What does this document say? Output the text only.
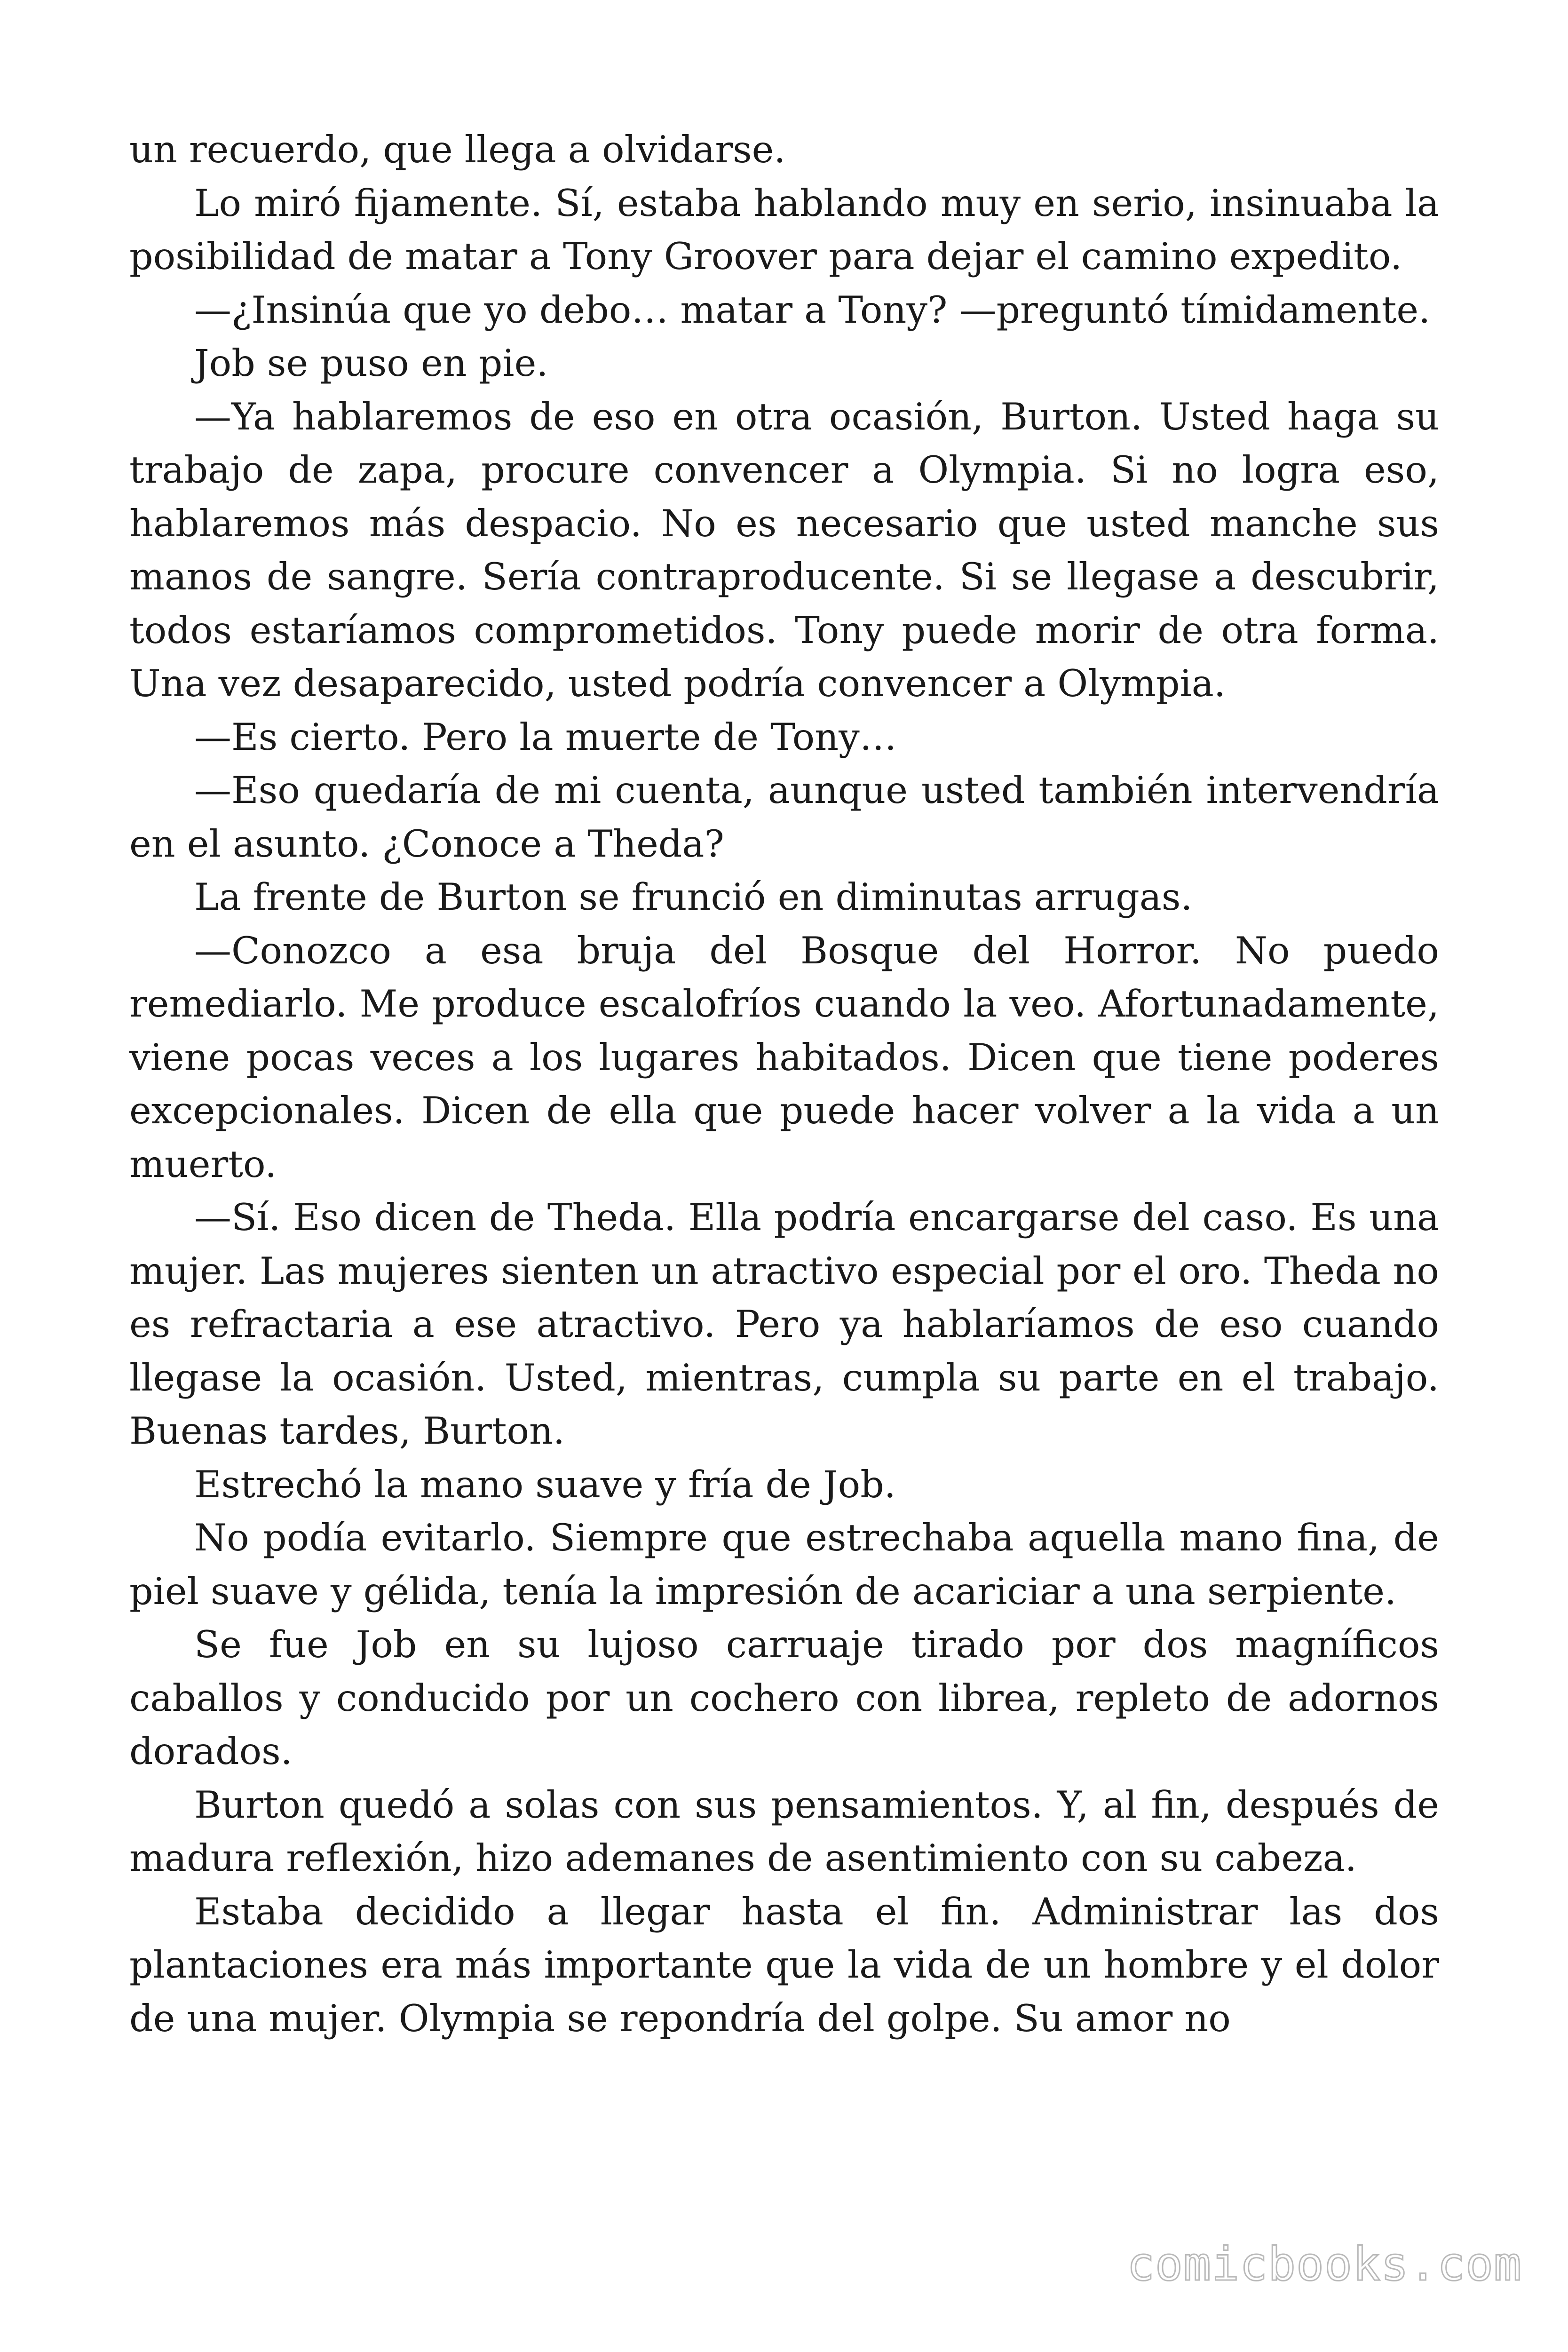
un recuerdo, que llega a olvidarse.

Lo miró fijamente. Sí, estaba hablando muy en serio, insinuaba la posibilidad de matar a Tony Groover para dejar el camino expedito.

—¿Insinúa que yo debo… matar a Tony? —preguntó tímidamente.

Job se puso en pie.

—Ya hablaremos de eso en otra ocasión, Burton. Usted haga su trabajo de zapa, procure convencer a Olympia. Si no logra eso, hablaremos más despacio. No es necesario que usted manche sus manos de sangre. Sería contraproducente. Si se llegase a descubrir, todos estaríamos comprometidos. Tony puede morir de otra forma. Una vez desaparecido, usted podría convencer a Olympia.

—Es cierto. Pero la muerte de Tony…

—Eso quedaría de mi cuenta, aunque usted también intervendría en el asunto. ¿Conoce a Theda?

La frente de Burton se frunció en diminutas arrugas.

—Conozco a esa bruja del Bosque del Horror. No puedo remediarlo. Me produce escalofríos cuando la veo. Afortunadamente, viene pocas veces a los lugares habitados. Dicen que tiene poderes excepcionales. Dicen de ella que puede hacer volver a la vida a un muerto.

—Sí. Eso dicen de Theda. Ella podría encargarse del caso. Es una mujer. Las mujeres sienten un atractivo especial por el oro. Theda no es refractaria a ese atractivo. Pero ya hablaríamos de eso cuando llegase la ocasión. Usted, mientras, cumpla su parte en el trabajo. Buenas tardes, Burton.

Estrechó la mano suave y fría de Job.

No podía evitarlo. Siempre que estrechaba aquella mano fina, de piel suave y gélida, tenía la impresión de acariciar a una serpiente.

Se fue Job en su lujoso carruaje tirado por dos magníficos caballos y conducido por un cochero con librea, repleto de adornos dorados.

Burton quedó a solas con sus pensamientos. Y, al fin, después de madura reflexión, hizo ademanes de asentimiento con su cabeza.

Estaba decidido a llegar hasta el fin. Administrar las dos plantaciones era más importante que la vida de un hombre y el dolor de una mujer. Olympia se repondría del golpe. Su amor no

comicbooks.com
